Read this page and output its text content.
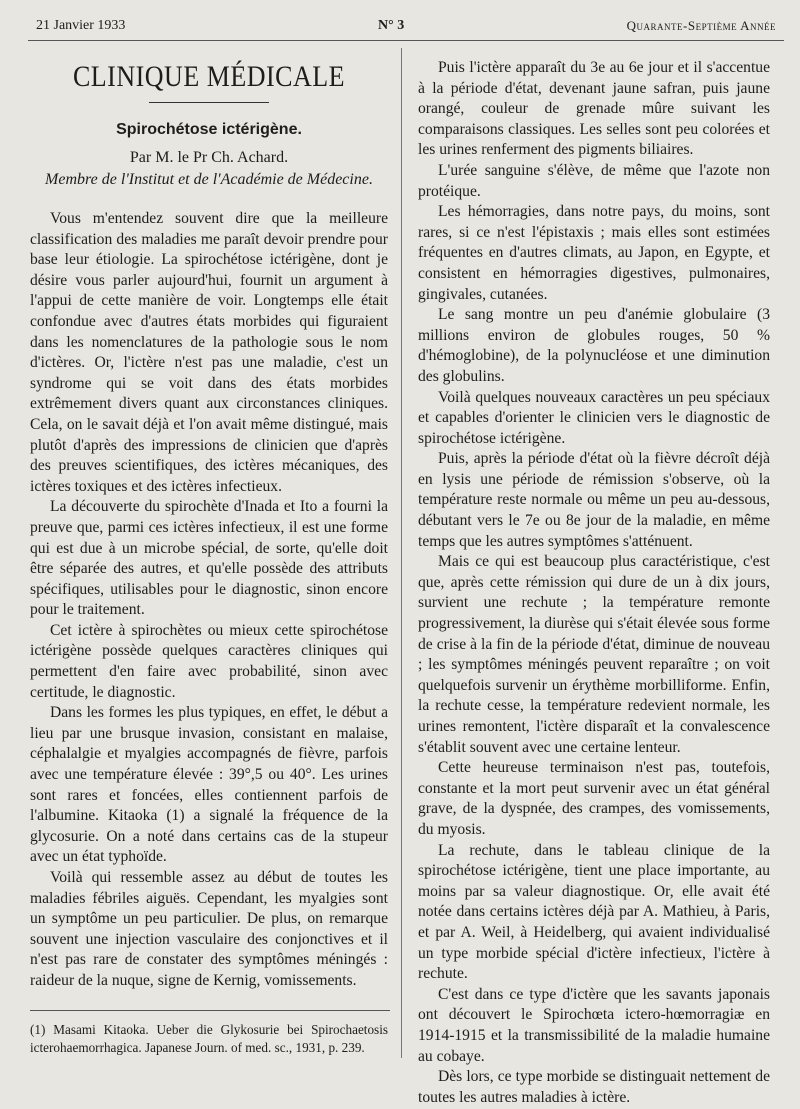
21 Janvier 1933	N° 3	Quarante-Septième Année
CLINIQUE MÉDICALE
Spirochétose ictérigène.
Par M. le Pr Ch. Achard.
Membre de l'Institut et de l'Académie de Médecine.

Vous m'entendez souvent dire que la meilleure classification des maladies me paraît devoir prendre pour base leur étiologie. La spirochétose ictérigène, dont je désire vous parler aujourd'hui, fournit un argument à l'appui de cette manière de voir. Longtemps elle était confondue avec d'autres états morbides qui figuraient dans les nomenclatures de la pathologie sous le nom d'ictères. Or, l'ictère n'est pas une maladie, c'est un syndrome qui se voit dans des états morbides extrêmement divers quant aux circonstances cliniques. Cela, on le savait déjà et l'on avait même distingué, mais plutôt d'après des impressions de clinicien que d'après des preuves scientifiques, des ictères mécaniques, des ictères toxiques et des ictères infectieux.

La découverte du spirochète d'Inada et Ito a fourni la preuve que, parmi ces ictères infectieux, il est une forme qui est due à un microbe spécial, de sorte, qu'elle doit être séparée des autres, et qu'elle possède des attributs spécifiques, utilisables pour le diagnostic, sinon encore pour le traitement.

Cet ictère à spirochètes ou mieux cette spirochétose ictérigène possède quelques caractères cliniques qui permettent d'en faire avec probabilité, sinon avec certitude, le diagnostic.

Dans les formes les plus typiques, en effet, le début a lieu par une brusque invasion, consistant en malaise, céphalalgie et myalgies accompagnés de fièvre, parfois avec une température élevée : 39°,5 ou 40°. Les urines sont rares et foncées, elles contiennent parfois de l'albumine. Kitaoka (1) a signalé la fréquence de la glycosurie. On a noté dans certains cas de la stupeur avec un état typhoïde.

Voilà qui ressemble assez au début de toutes les maladies fébriles aiguës. Cependant, les myalgies sont un symptôme un peu particulier. De plus, on remarque souvent une injection vasculaire des conjonctives et il n'est pas rare de constater des symptômes méningés : raideur de la nuque, signe de Kernig, vomissements.

(1) Masami Kitaoka. Ueber die Glykosurie bei Spirochaetosis icterohaemorrhagica. Japanese Journ. of med. sc., 1931, p. 239.

Puis l'ictère apparaît du 3e au 6e jour et il s'accentue à la période d'état, devenant jaune safran, puis jaune orangé, couleur de grenade mûre suivant les comparaisons classiques. Les selles sont peu colorées et les urines renferment des pigments biliaires.

L'urée sanguine s'élève, de même que l'azote non protéique.

Les hémorragies, dans notre pays, du moins, sont rares, si ce n'est l'épistaxis ; mais elles sont estimées fréquentes en d'autres climats, au Japon, en Egypte, et consistent en hémorragies digestives, pulmonaires, gingivales, cutanées.

Le sang montre un peu d'anémie globulaire (3 millions environ de globules rouges, 50 % d'hémoglobine), de la polynucléose et une diminution des globulins.

Voilà quelques nouveaux caractères un peu spéciaux et capables d'orienter le clinicien vers le diagnostic de spirochétose ictérigène.

Puis, après la période d'état où la fièvre décroît déjà en lysis une période de rémission s'observe, où la température reste normale ou même un peu au-dessous, débutant vers le 7e ou 8e jour de la maladie, en même temps que les autres symptômes s'atténuent.

Mais ce qui est beaucoup plus caractéristique, c'est que, après cette rémission qui dure de un à dix jours, survient une rechute ; la température remonte progressivement, la diurèse qui s'était élevée sous forme de crise à la fin de la période d'état, diminue de nouveau ; les symptômes méningés peuvent reparaître ; on voit quelquefois survenir un érythème morbilliforme. Enfin, la rechute cesse, la température redevient normale, les urines remontent, l'ictère disparaît et la convalescence s'établit souvent avec une certaine lenteur.

Cette heureuse terminaison n'est pas, toutefois, constante et la mort peut survenir avec un état général grave, de la dyspnée, des crampes, des vomissements, du myosis.

La rechute, dans le tableau clinique de la spirochétose ictérigène, tient une place importante, au moins par sa valeur diagnostique. Or, elle avait été notée dans certains ictères déjà par A. Mathieu, à Paris, et par A. Weil, à Heidelberg, qui avaient individualisé un type morbide spécial d'ictère infectieux, l'ictère à rechute.

C'est dans ce type d'ictère que les savants japonais ont découvert le Spirochœta ictero-hœmorragiæ en 1914-1915 et la transmissibilité de la maladie humaine au cobaye.

Dès lors, ce type morbide se distinguait nettement de toutes les autres maladies à ictère.
